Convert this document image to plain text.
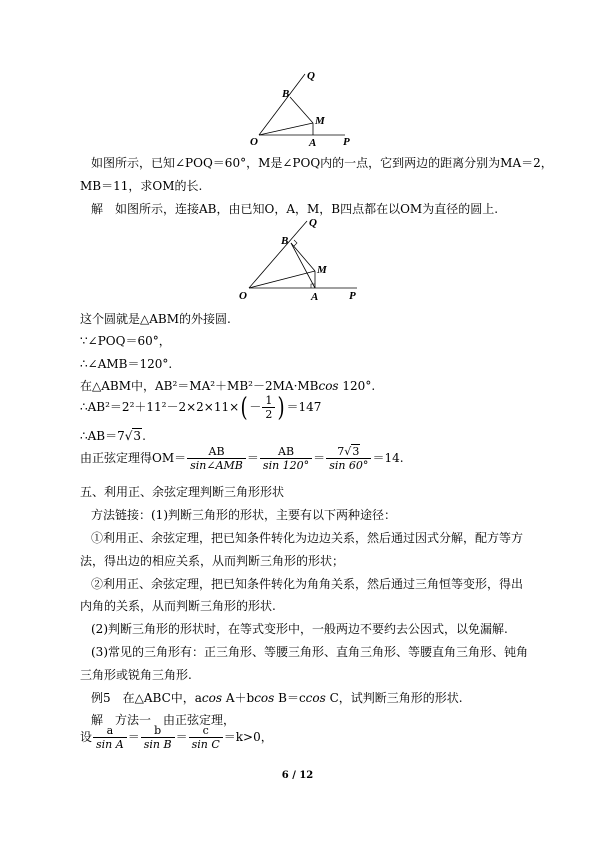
Q
B
M
O	A P
如图所示，已知∠POQ＝60°，M是∠POQ内的一点，它到两边的距离分别为MA＝2，
MB＝11，求OM的长.
解　如图所示，连接AB，由已知O，A，M，B四点都在以OM为直径的圆上.
Q
B
M
O	A	P
这个圆就是△ABM的外接圆.
∵∠POQ＝60°，
∴∠AMB＝120°.
在△ABM中，AB²＝MA²＋MB²－2MA·MBcos 120°.
∴AB²＝2²＋11²－2×2×11×( － $\frac{1}{2}$ ) ＝147
∴AB＝7√3.
由正弦定理得$OM= \frac{AB}{\text{sin∠AMB}} = \frac{AB}{\sin 120^\circ} = \frac{7√3}{\sin 60^\circ} =14$.
五、利用正、余弦定理判断三角形形状
方法链接：(1)判断三角形的形状，主要有以下两种途径：
①利用正、余弦定理，把已知条件转化为边边关系，然后通过因式分解，配方等方
法，得出边的相应关系，从而判断三角形的形状；
②利用正、余弦定理，把已知条件转化为角角关系，然后通过三角恒等变形，得出
内角的关系，从而判断三角形的形状.
(2)判断三角形的形状时，在等式变形中，一般两边不要约去公因式，以免漏解.
(3)常见的三角形有：正三角形、等腰三角形、直角三角形、等腰直角三角形、钝角
三角形或锐角三角形.
例5　在△ABC中，acos A＋bcos B＝ccos C，试判断三角形的形状.
解　方法一　由正弦定理，
设 $\frac{a}{\text{sin A}} = \frac{b}{\text{sin B}} = \frac{c}{\text{sin C}} =k>0$，
6 / 12
